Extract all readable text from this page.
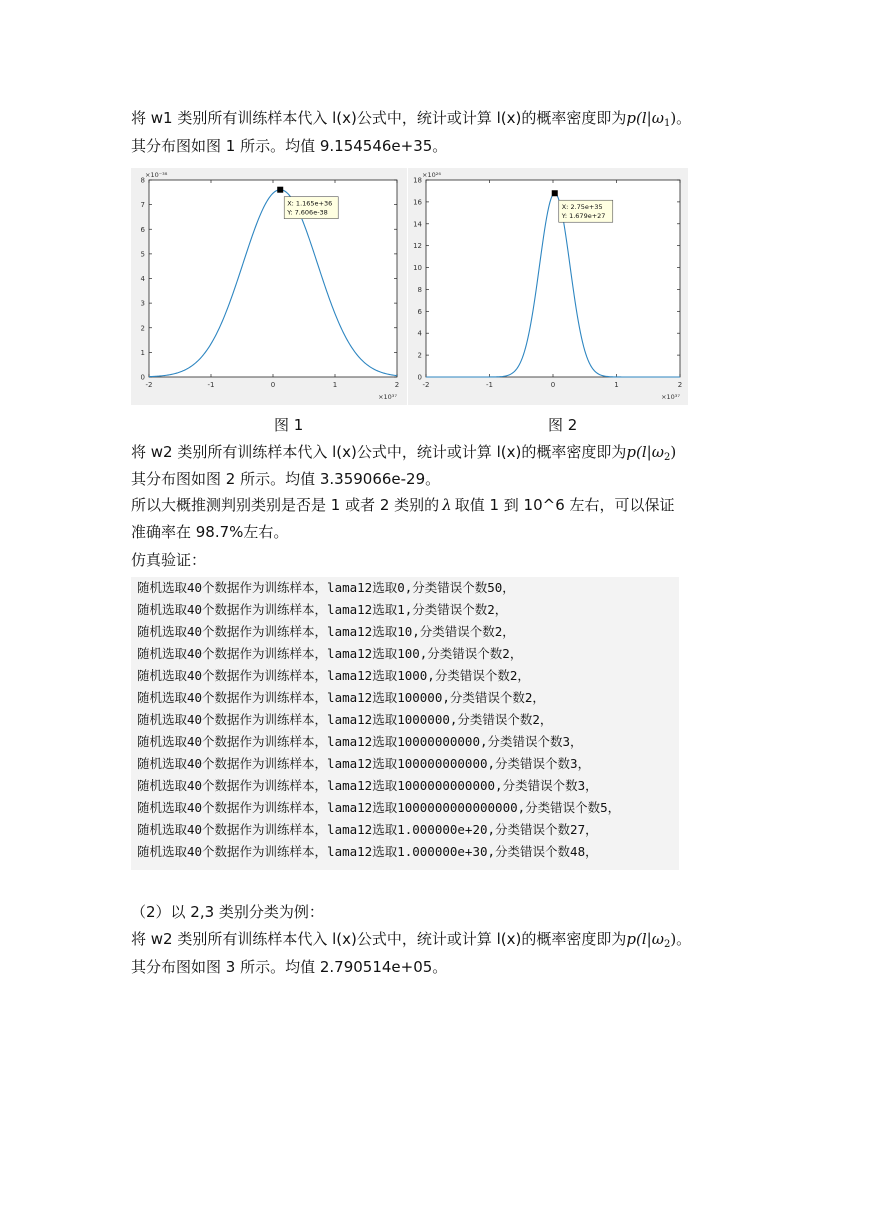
将 w1 类别所有训练样本代入 l(x)公式中，统计或计算 l(x)的概率密度即为$p(l|\omega_1)$。
其分布图如图 1 所示。均值 9.154546e+35。
-2	-1	0	1	2
0
1
2
3
4
5
6
7
8
×10⁻³⁸
×10³⁷
X: 1.165e+36
Y: 7.606e-38
-2	-1	0	1	2
0
2
4
6
8
10
12
14
16
18
×10²⁶
×10³⁷
X: 2.75e+35
Y: 1.679e+27
图 1	图 2
将 w2 类别所有训练样本代入 l(x)公式中，统计或计算 l(x)的概率密度即为$p(l|\omega_2)$
其分布图如图 2 所示。均值 3.359066e-29。
所以大概推测判别类别是否是 1 或者 2 类别的 λ 取值 1 到 10^6 左右，可以保证
准确率在 98.7%左右。
仿真验证：
随机选取40个数据作为训练样本，lama12选取0,分类错误个数50，
随机选取40个数据作为训练样本，lama12选取1,分类错误个数2，
随机选取40个数据作为训练样本，lama12选取10,分类错误个数2，
随机选取40个数据作为训练样本，lama12选取100,分类错误个数2，
随机选取40个数据作为训练样本，lama12选取1000,分类错误个数2，
随机选取40个数据作为训练样本，lama12选取100000,分类错误个数2，
随机选取40个数据作为训练样本，lama12选取1000000,分类错误个数2，
随机选取40个数据作为训练样本，lama12选取10000000000,分类错误个数3，
随机选取40个数据作为训练样本，lama12选取100000000000,分类错误个数3，
随机选取40个数据作为训练样本，lama12选取1000000000000,分类错误个数3，
随机选取40个数据作为训练样本，lama12选取1000000000000000,分类错误个数5，
随机选取40个数据作为训练样本，lama12选取1.000000e+20,分类错误个数27，
随机选取40个数据作为训练样本，lama12选取1.000000e+30,分类错误个数48，
（2）以 2,3 类别分类为例：
将 w2 类别所有训练样本代入 l(x)公式中，统计或计算 l(x)的概率密度即为$p(l|\omega_2)$。
其分布图如图 3 所示。均值 2.790514e+05。
